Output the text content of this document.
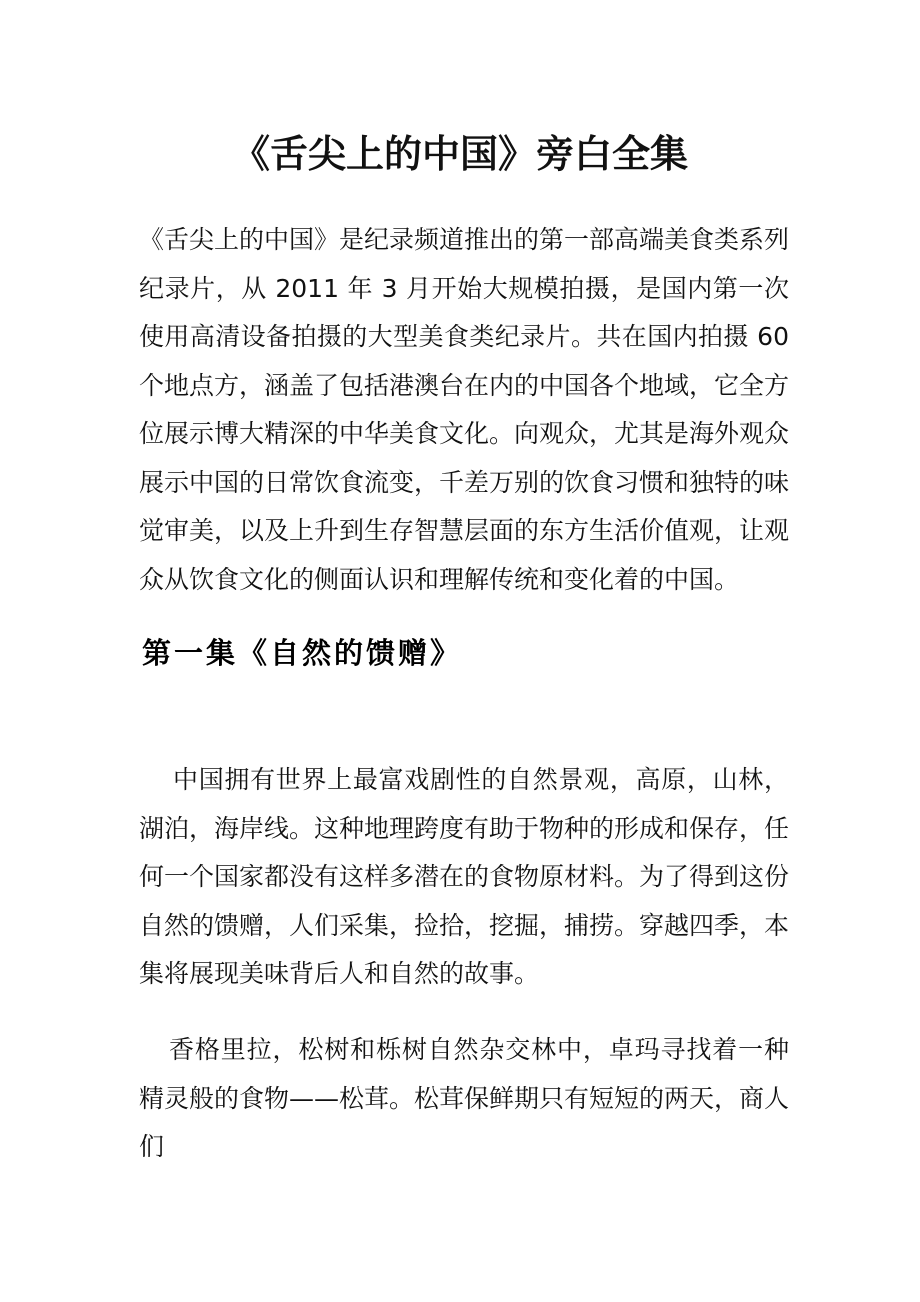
《舌尖上的中国》旁白全集

《舌尖上的中国》是纪录频道推出的第一部高端美食类系列纪录片，从 2011 年 3 月开始大规模拍摄，是国内第一次使用高清设备拍摄的大型美食类纪录片。共在国内拍摄 60 个地点方，涵盖了包括港澳台在内的中国各个地域，它全方位展示博大精深的中华美食文化。向观众，尤其是海外观众展示中国的日常饮食流变，千差万别的饮食习惯和独特的味觉审美，以及上升到生存智慧层面的东方生活价值观，让观众从饮食文化的侧面认识和理解传统和变化着的中国。

第一集《自然的馈赠》

中国拥有世界上最富戏剧性的自然景观，高原，山林，湖泊，海岸线。这种地理跨度有助于物种的形成和保存，任何一个国家都没有这样多潜在的食物原材料。为了得到这份自然的馈赠，人们采集，捡拾，挖掘，捕捞。穿越四季，本集将展现美味背后人和自然的故事。

香格里拉，松树和栎树自然杂交林中，卓玛寻找着一种精灵般的食物——松茸。松茸保鲜期只有短短的两天，商人们
